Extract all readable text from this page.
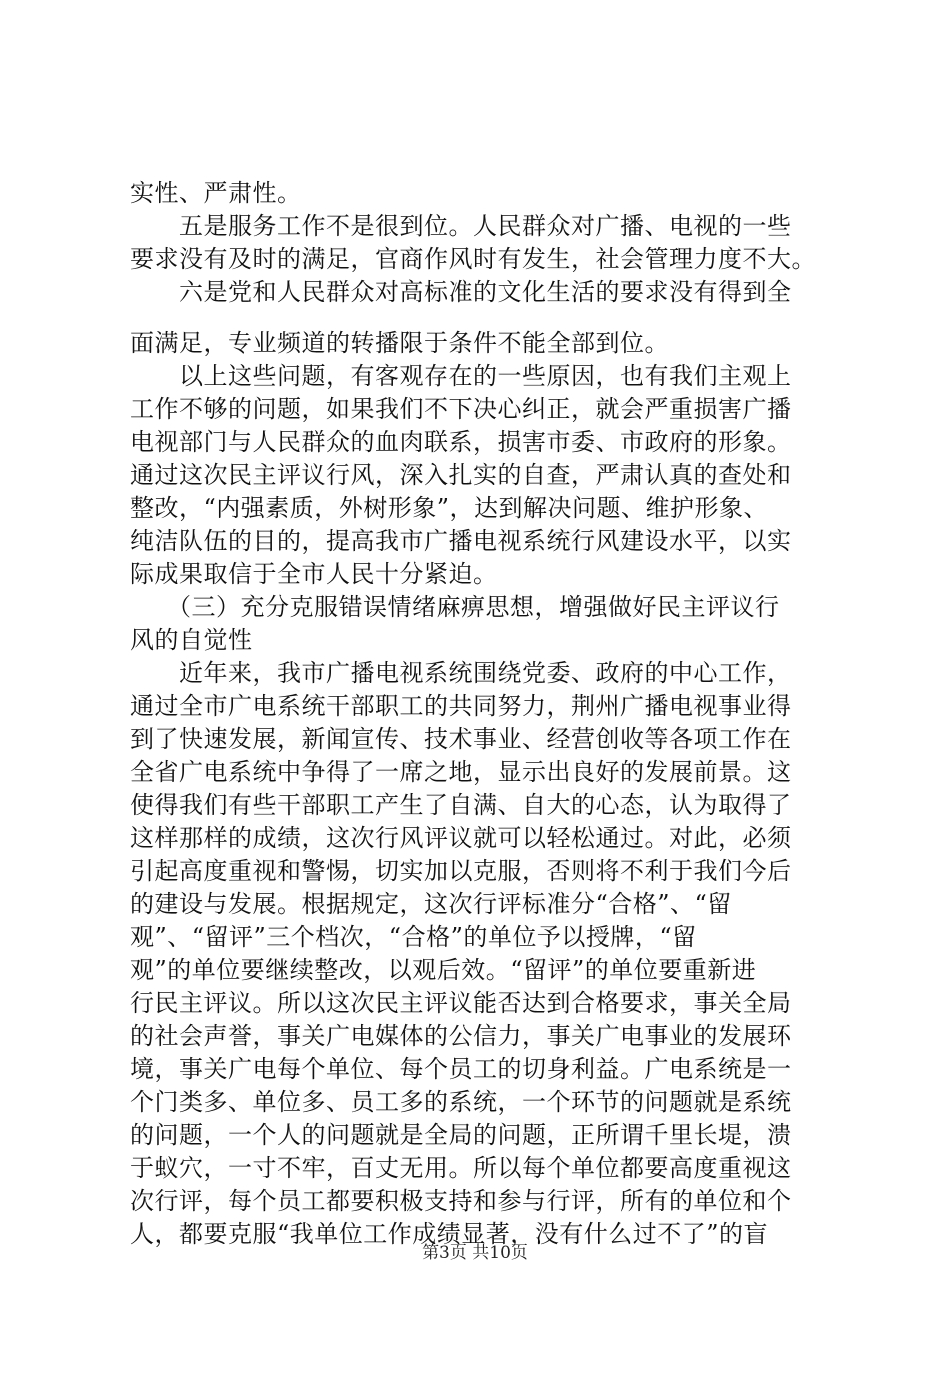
实性、严肃性。
　　五是服务工作不是很到位。人民群众对广播、电视的一些
要求没有及时的满足，官商作风时有发生，社会管理力度不大。
　　六是党和人民群众对高标准的文化生活的要求没有得到全
面满足，专业频道的转播限于条件不能全部到位。
　　以上这些问题，有客观存在的一些原因，也有我们主观上
工作不够的问题，如果我们不下决心纠正，就会严重损害广播
电视部门与人民群众的血肉联系，损害市委、市政府的形象。
通过这次民主评议行风，深入扎实的自查，严肃认真的查处和
整改，“内强素质，外树形象”，达到解决问题、维护形象、
纯洁队伍的目的，提高我市广播电视系统行风建设水平，以实
际成果取信于全市人民十分紧迫。
　　（三）充分克服错误情绪麻痹思想，增强做好民主评议行
风的自觉性
　　近年来，我市广播电视系统围绕党委、政府的中心工作，
通过全市广电系统干部职工的共同努力，荆州广播电视事业得
到了快速发展，新闻宣传、技术事业、经营创收等各项工作在
全省广电系统中争得了一席之地，显示出良好的发展前景。这
使得我们有些干部职工产生了自满、自大的心态，认为取得了
这样那样的成绩，这次行风评议就可以轻松通过。对此，必须
引起高度重视和警惕，切实加以克服，否则将不利于我们今后
的建设与发展。根据规定，这次行评标准分“合格”、“留
观”、“留评”三个档次，“合格”的单位予以授牌，“留
观”的单位要继续整改，以观后效。“留评”的单位要重新进
行民主评议。所以这次民主评议能否达到合格要求，事关全局
的社会声誉，事关广电媒体的公信力，事关广电事业的发展环
境，事关广电每个单位、每个员工的切身利益。广电系统是一
个门类多、单位多、员工多的系统，一个环节的问题就是系统
的问题，一个人的问题就是全局的问题，正所谓千里长堤，溃
于蚁穴，一寸不牢，百丈无用。所以每个单位都要高度重视这
次行评，每个员工都要积极支持和参与行评，所有的单位和个
人，都要克服“我单位工作成绩显著，没有什么过不了”的盲
第3页 共10页
